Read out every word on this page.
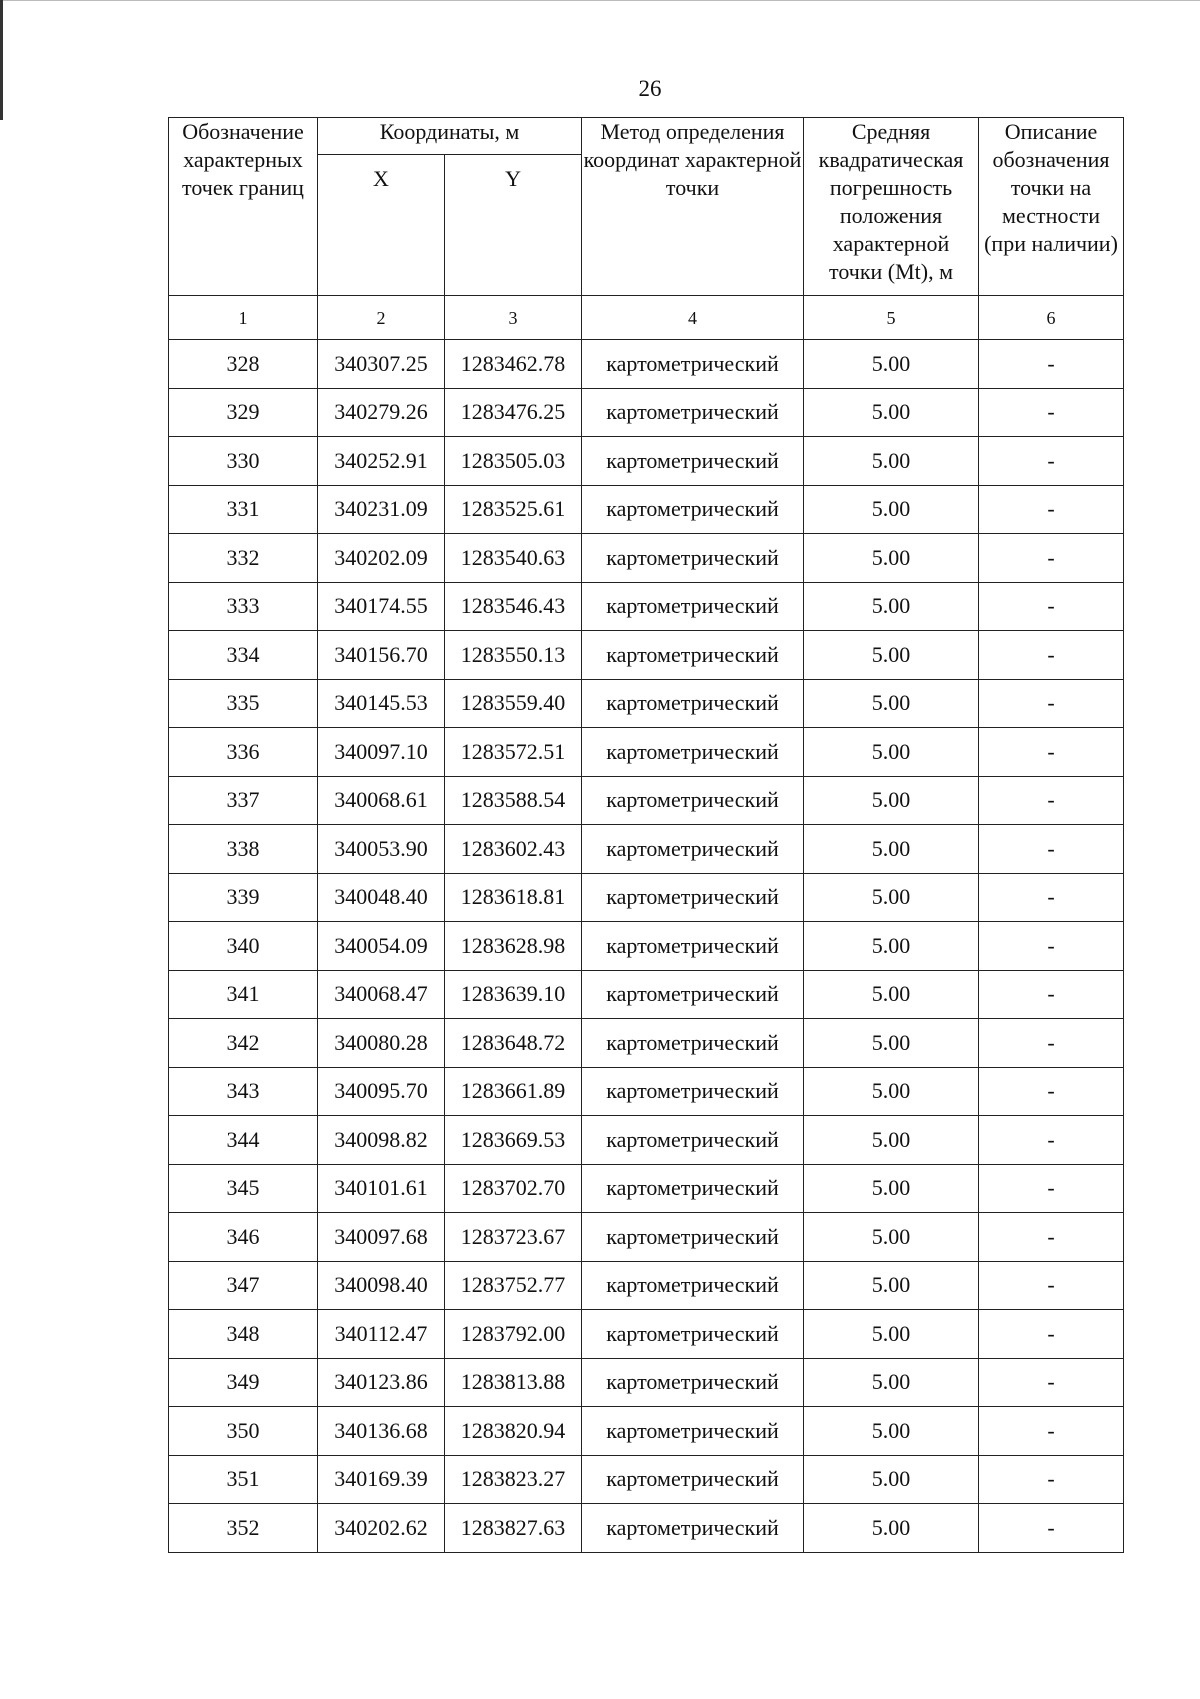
26
Обозначение характерных точек границ	Координаты, м		Метод определения координат характерной точки	Средняя квадратическая погрешность положения характерной точки (Mt), м	Описание обозначения точки на местности (при наличии)
	X	Y			
1	2	3	4	5	6
328	340307.25	1283462.78	картометрический	5.00	-
329	340279.26	1283476.25	картометрический	5.00	-
330	340252.91	1283505.03	картометрический	5.00	-
331	340231.09	1283525.61	картометрический	5.00	-
332	340202.09	1283540.63	картометрический	5.00	-
333	340174.55	1283546.43	картометрический	5.00	-
334	340156.70	1283550.13	картометрический	5.00	-
335	340145.53	1283559.40	картометрический	5.00	-
336	340097.10	1283572.51	картометрический	5.00	-
337	340068.61	1283588.54	картометрический	5.00	-
338	340053.90	1283602.43	картометрический	5.00	-
339	340048.40	1283618.81	картометрический	5.00	-
340	340054.09	1283628.98	картометрический	5.00	-
341	340068.47	1283639.10	картометрический	5.00	-
342	340080.28	1283648.72	картометрический	5.00	-
343	340095.70	1283661.89	картометрический	5.00	-
344	340098.82	1283669.53	картометрический	5.00	-
345	340101.61	1283702.70	картометрический	5.00	-
346	340097.68	1283723.67	картометрический	5.00	-
347	340098.40	1283752.77	картометрический	5.00	-
348	340112.47	1283792.00	картометрический	5.00	-
349	340123.86	1283813.88	картометрический	5.00	-
350	340136.68	1283820.94	картометрический	5.00	-
351	340169.39	1283823.27	картометрический	5.00	-
352	340202.62	1283827.63	картометрический	5.00	-
